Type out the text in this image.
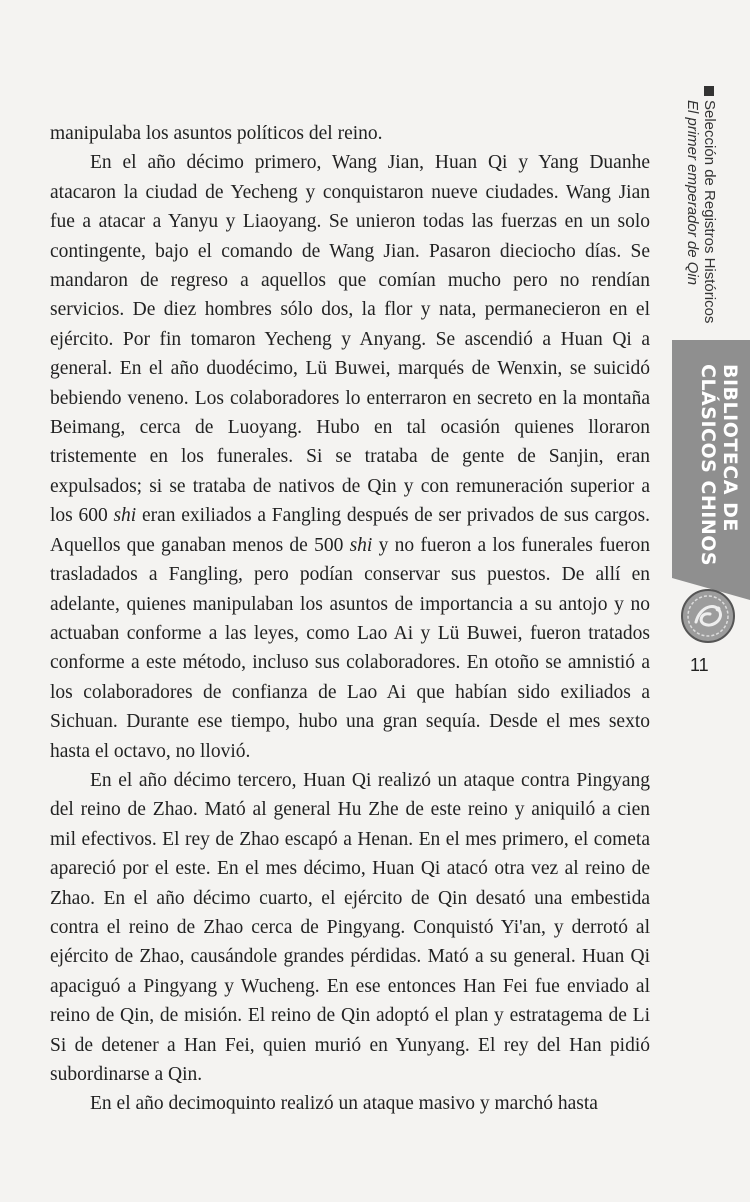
Selección de Registros Históricos
El primer emperador de Qin
BIBLIOTECA DE
CLÁSICOS CHINOS
11

manipulaba los asuntos políticos del reino.

En el año décimo primero, Wang Jian, Huan Qi y Yang Duanhe atacaron la ciudad de Yecheng y conquistaron nueve ciudades. Wang Jian fue a atacar a Yanyu y Liaoyang. Se unieron todas las fuerzas en un solo contingente, bajo el comando de Wang Jian. Pasaron dieciocho días. Se mandaron de regreso a aquellos que comían mucho pero no rendían servicios. De diez hombres sólo dos, la flor y nata, permanecieron en el ejército. Por fin tomaron Yecheng y Anyang. Se ascendió a Huan Qi a general. En el año duodécimo, Lü Buwei, marqués de Wenxin, se suicidó bebiendo veneno. Los colaboradores lo enterraron en secreto en la montaña Beimang, cerca de Luoyang. Hubo en tal ocasión quienes lloraron tristemente en los funerales. Si se trataba de gente de Sanjin, eran expulsados; si se trataba de nativos de Qin y con remuneración superior a los 600 shi eran exiliados a Fangling después de ser privados de sus cargos. Aquellos que ganaban menos de 500 shi y no fueron a los funerales fueron trasladados a Fangling, pero podían conservar sus puestos. De allí en adelante, quienes manipulaban los asuntos de importancia a su antojo y no actuaban conforme a las leyes, como Lao Ai y Lü Buwei, fueron tratados conforme a este método, incluso sus colaboradores. En otoño se amnistió a los colaboradores de confianza de Lao Ai que habían sido exiliados a Sichuan. Durante ese tiempo, hubo una gran sequía. Desde el mes sexto hasta el octavo, no llovió.

En el año décimo tercero, Huan Qi realizó un ataque contra Pingyang del reino de Zhao. Mató al general Hu Zhe de este reino y aniquiló a cien mil efectivos. El rey de Zhao escapó a Henan. En el mes primero, el cometa apareció por el este. En el mes décimo, Huan Qi atacó otra vez al reino de Zhao. En el año décimo cuarto, el ejército de Qin desató una embestida contra el reino de Zhao cerca de Pingyang. Conquistó Yi'an, y derrotó al ejército de Zhao, causándole grandes pérdidas. Mató a su general. Huan Qi apaciguó a Pingyang y Wucheng. En ese entonces Han Fei fue enviado al reino de Qin, de misión. El reino de Qin adoptó el plan y estratagema de Li Si de detener a Han Fei, quien murió en Yunyang. El rey del Han pidió subordinarse a Qin.

En el año decimoquinto realizó un ataque masivo y marchó hasta
